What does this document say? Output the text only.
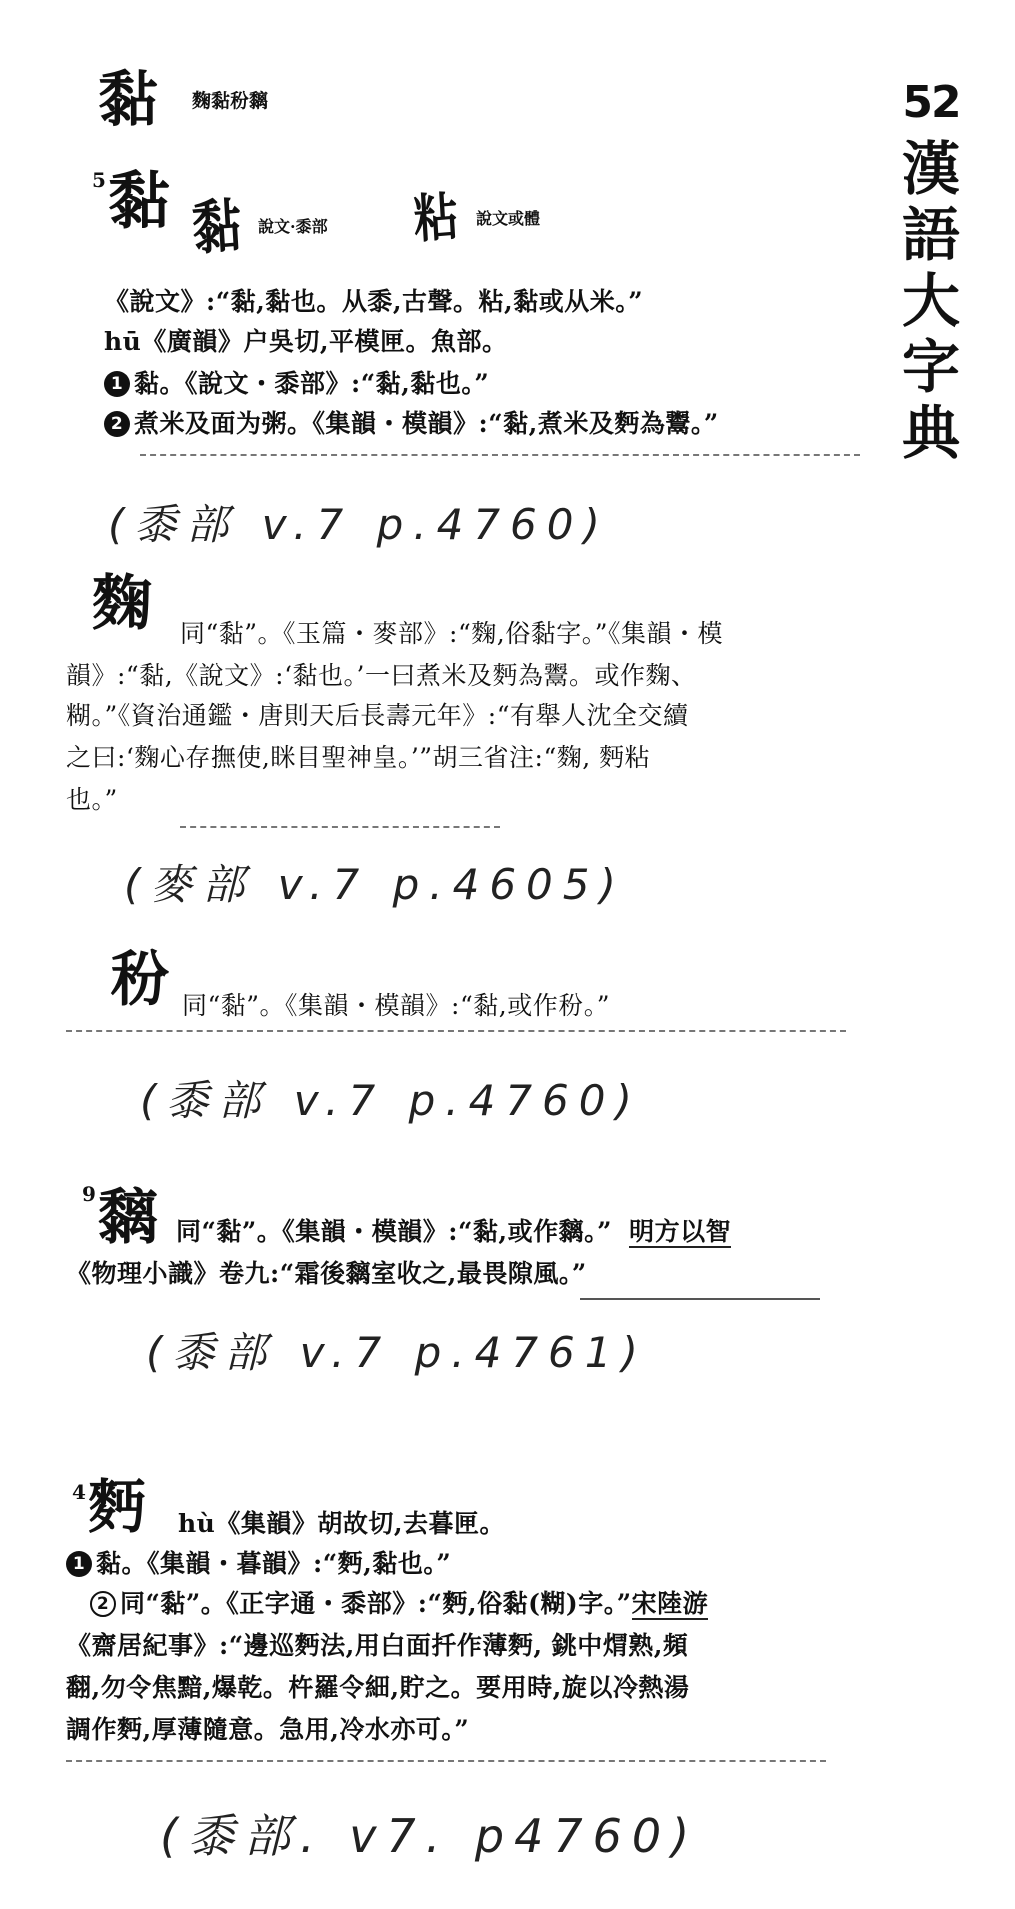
52
漢
語
大
字
典
黏 麴黏秎黐
5 黏 黏 說文·黍部 粘 說文或體
《說文》:“黏,黏也。从黍,古聲。粘,黏或从米。”
hū《廣韻》户吳切,平模匣。魚部。
1 黏。《說文・黍部》:“黏,黏也。”
2 煮米及面为粥。《集韻・模韻》:“黏,煮米及麪為鬻。”
(黍部 v.7 p.4760)
麴 同“黏”。《玉篇・麥部》:“麴,俗黏字。”《集韻・模
韻》:“黏,《說文》:‘黏也。’一曰煮米及麪為鬻。或作麴、
糊。”《資治通鑑・唐則天后長壽元年》:“有舉人沈全交續
之曰:‘麴心存撫使,眯目聖神皇。’”胡三省注:“麴, 麪粘
也。”
(麥部 v.7 p.4605)
秎 同“黏”。《集韻・模韻》:“黏,或作秎。”
(黍部 v.7 p.4760)
9 黐 同“黏”。《集韻・模韻》:“黏,或作黐。” 明方以智
《物理小識》卷九:“霜後黐室收之,最畏隙風。”
(黍部 v.7 p.4761)
4 麪 hù《集韻》胡故切,去暮匣。
1 黏。《集韻・暮韻》:“麪,黏也。”
2 同“黏”。《正字通・黍部》:“麪,俗黏(糊)字。”宋陸游
《齋居紀事》:“邊巡麪法,用白面扦作薄麪, 銚中焨熟,頻
翻,勿令焦黯,爆乾。杵羅令細,貯之。要用時,旋以冷熱湯
調作麪,厚薄隨意。急用,冷水亦可。”
(黍部. v7. p4760)
